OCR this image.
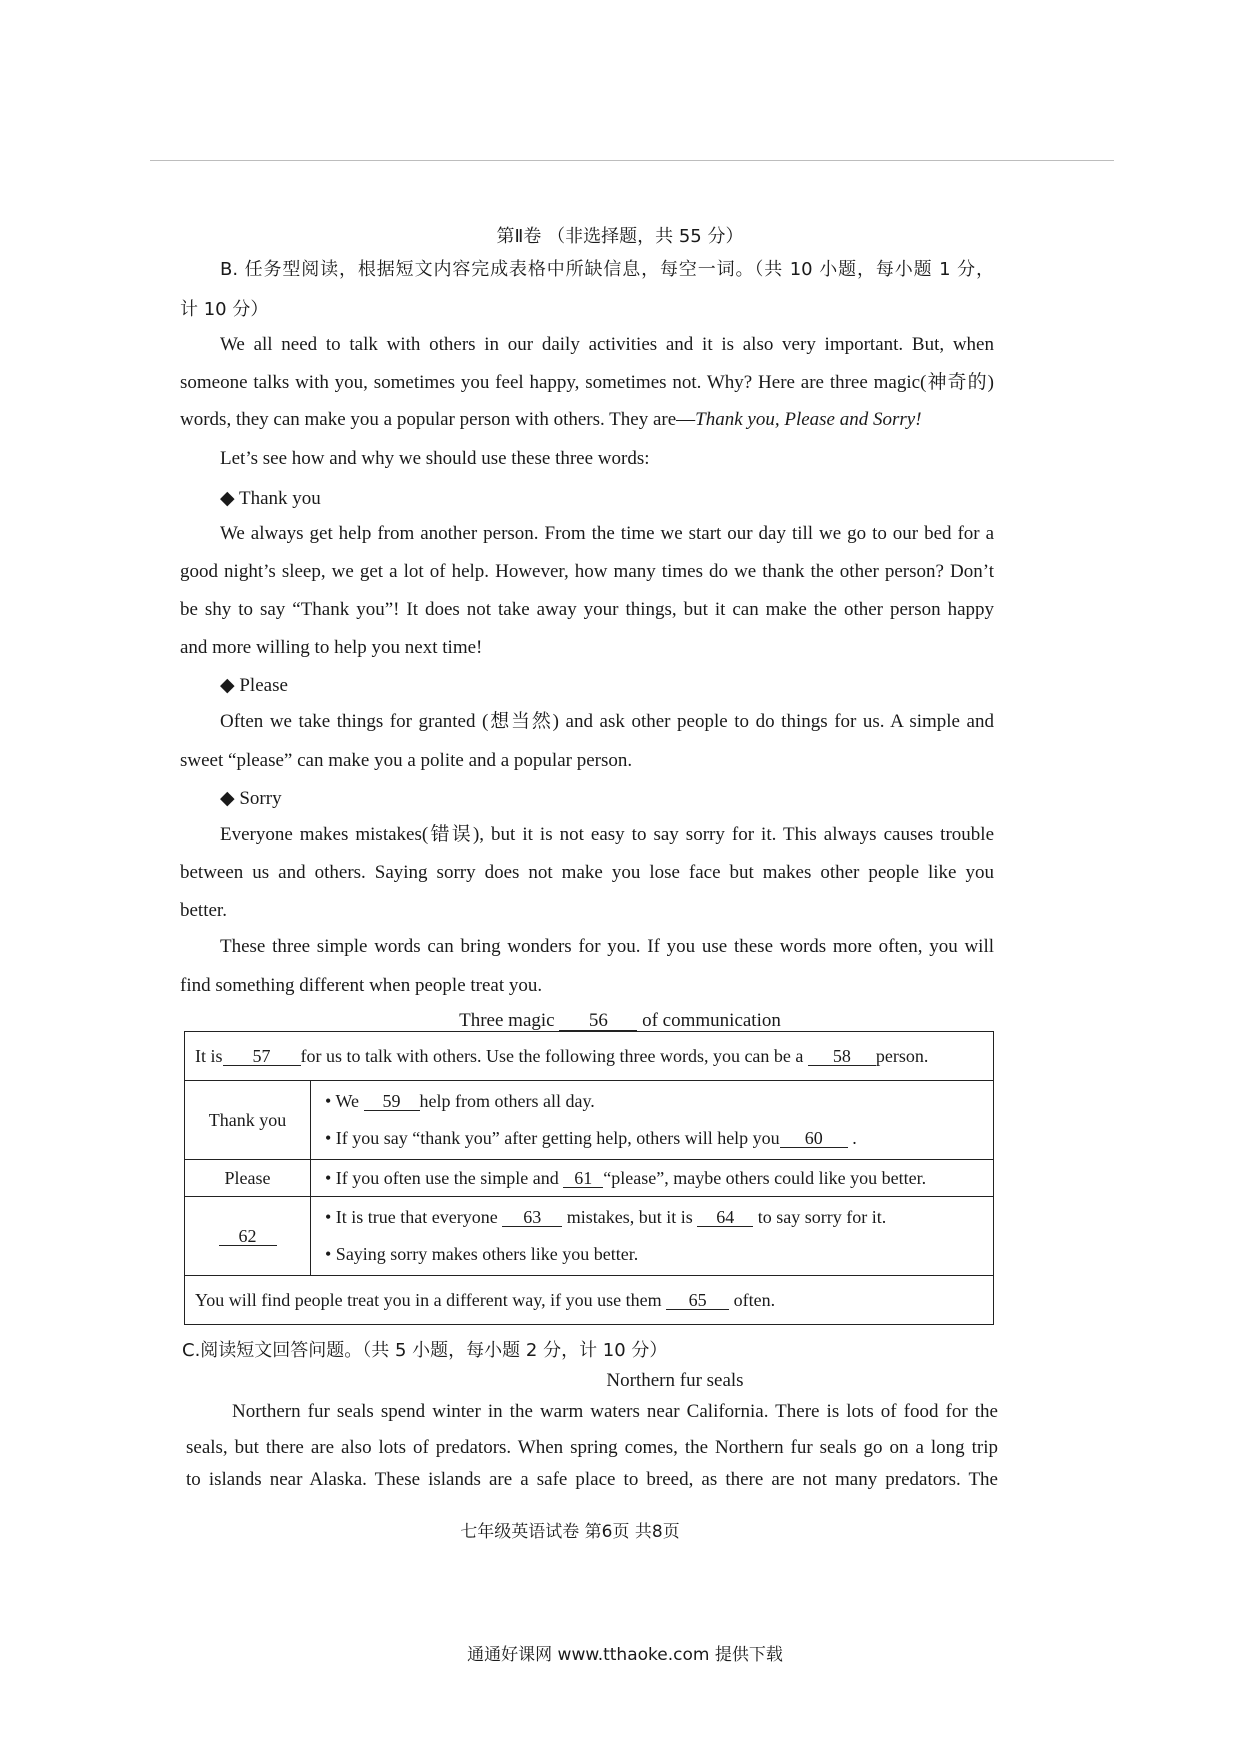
第Ⅱ卷 （非选择题，共 55 分）
B. 任务型阅读，根据短文内容完成表格中所缺信息，每空一词。（共 10 小题，每小题 1 分，
计 10 分）
We all need to talk with others in our daily activities and it is also very important. But, when
someone talks with you, sometimes you feel happy, sometimes not. Why? Here are three magic(神奇的)
words, they can make you a popular person with others. They are—Thank you, Please and Sorry!
Let’s see how and why we should use these three words:
◆ Thank you
We always get help from another person. From the time we start our day till we go to our bed for a
good night’s sleep, we get a lot of help. However, how many times do we thank the other person? Don’t
be shy to say “Thank you”! It does not take away your things, but it can make the other person happy
and more willing to help you next time!
◆ Please
Often we take things for granted (想当然) and ask other people to do things for us. A simple and
sweet “please” can make you a polite and a popular person.
◆ Sorry
Everyone makes mistakes(错误), but it is not easy to say sorry for it. This always causes trouble
between us and others. Saying sorry does not make you lose face but makes other people like you
better.
These three simple words can bring wonders for you. If you use these words more often, you will
find something different when people treat you.
Three magic 56 of communication
It is 57 for us to talk with others. Use the following three words, you can be a 58 person.	
Thank you	• We 59 help from others all day.
• If you say “thank you” after getting help, others will help you 60 .

Please	• If you often use the simple and 61 “please”, maybe others could like you better.
62	• It is true that everyone 63 mistakes, but it is 64 to say sorry for it.
• Saying sorry makes others like you better.

You will find people treat you in a different way, if you use them 65 often.	
C.阅读短文回答问题。（共 5 小题，每小题 2 分，计 10 分）
Northern fur seals
Northern fur seals spend winter in the warm waters near California. There is lots of food for the
seals, but there are also lots of predators. When spring comes, the Northern fur seals go on a long trip
to islands near Alaska. These islands are a safe place to breed, as there are not many predators. The
七年级英语试卷 第6页 共8页
通通好课网 www.tthaoke.com 提供下载
